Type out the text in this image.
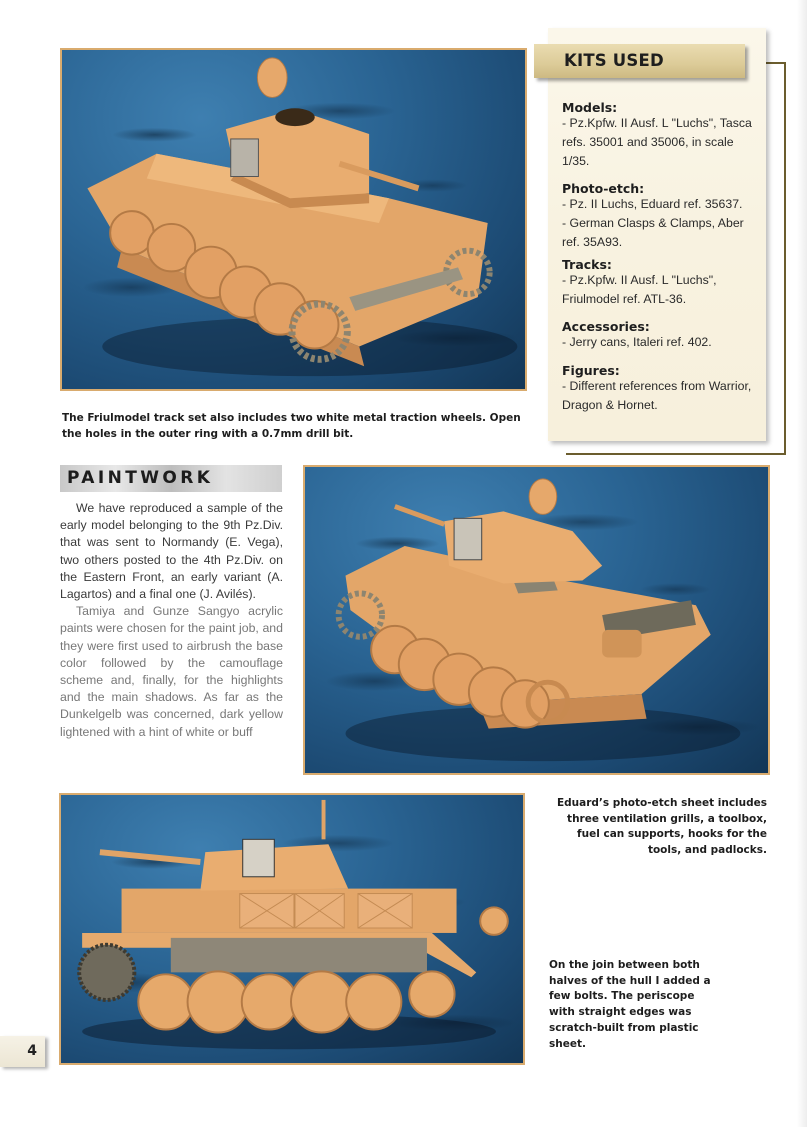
KITS USED
Models:
- Pz.Kpfw. II Ausf. L "Luchs", Tasca refs. 35001 and 35006, in scale 1/35.
Photo-etch:
- Pz. II Luchs, Eduard ref. 35637.
- German Clasps & Clamps, Aber ref. 35A93.
Tracks:
- Pz.Kpfw. II Ausf. L "Luchs", Friulmodel ref. ATL-36.
Accessories:
- Jerry cans, Italeri ref. 402.
Figures:
- Different references from Warrior, Dragon & Hornet.
The Friulmodel track set also includes two white metal traction wheels. Open the holes in the outer ring with a 0.7mm drill bit.
PAINTWORK

We have reproduced a sample of the early model belonging to the 9th Pz.Div. that was sent to Normandy (E. Vega), two others posted to the 4th Pz.Div. on the Eastern Front, an early variant (A. Lagartos) and a final one (J. Avilés).

Tamiya and Gunze Sangyo acrylic paints were chosen for the paint job, and they were first used to airbrush the base color followed by the camouflage scheme and, finally, for the highlights and the main shadows. As far as the Dunkelgelb was concerned, dark yellow lightened with a hint of white or buff

Eduard’s photo-etch sheet includes three ventilation grills, a toolbox, fuel can supports, hooks for the tools, and padlocks.
On the join between both halves of the hull I added a few bolts. The periscope with straight edges was scratch-built from plastic sheet.
4
